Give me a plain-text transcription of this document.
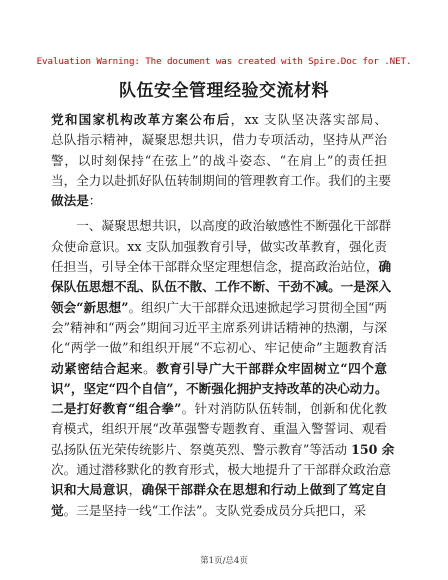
Evaluation Warning: The document was created with Spire.Doc for .NET.
队伍安全管理经验交流材料
党和国家机构改革方案公布后，xx 支队坚决落实部局、
总队指示精神，凝聚思想共识，借力专项活动，坚持从严治
警，以时刻保持“在弦上”的战斗姿态、“在肩上”的责任担
当，全力以赴抓好队伍转制期间的管理教育工作。我们的主要
做法是：
　　一、凝聚思想共识，以高度的政治敏感性不断强化干部群
众使命意识。xx 支队加强教育引导，做实改革教育，强化责
任担当，引导全体干部群众坚定理想信念，提高政治站位，确
保队伍思想不乱、队伍不散、工作不断、干劲不减。一是深入
领会“新思想”。组织广大干部群众迅速掀起学习贯彻全国“两
会”精神和“两会”期间习近平主席系列讲话精神的热潮，与深
化“两学一做”和组织开展“不忘初心、牢记使命”主题教育活
动紧密结合起来。教育引导广大干部群众牢固树立“四个意
识”，坚定“四个自信”，不断强化拥护支持改革的决心动力。
二是打好教育“组合拳”。针对消防队伍转制，创新和优化教
育模式，组织开展“改革强警专题教育、重温入警誓词、观看
弘扬队伍光荣传统影片、祭奠英烈、警示教育”等活动 150 余
次。通过潜移默化的教育形式，极大地提升了干部群众政治意
识和大局意识，确保干部群众在思想和行动上做到了笃定自
觉。三是坚持一线“工作法”。支队党委成员分兵把口，采
第1页/总4页
